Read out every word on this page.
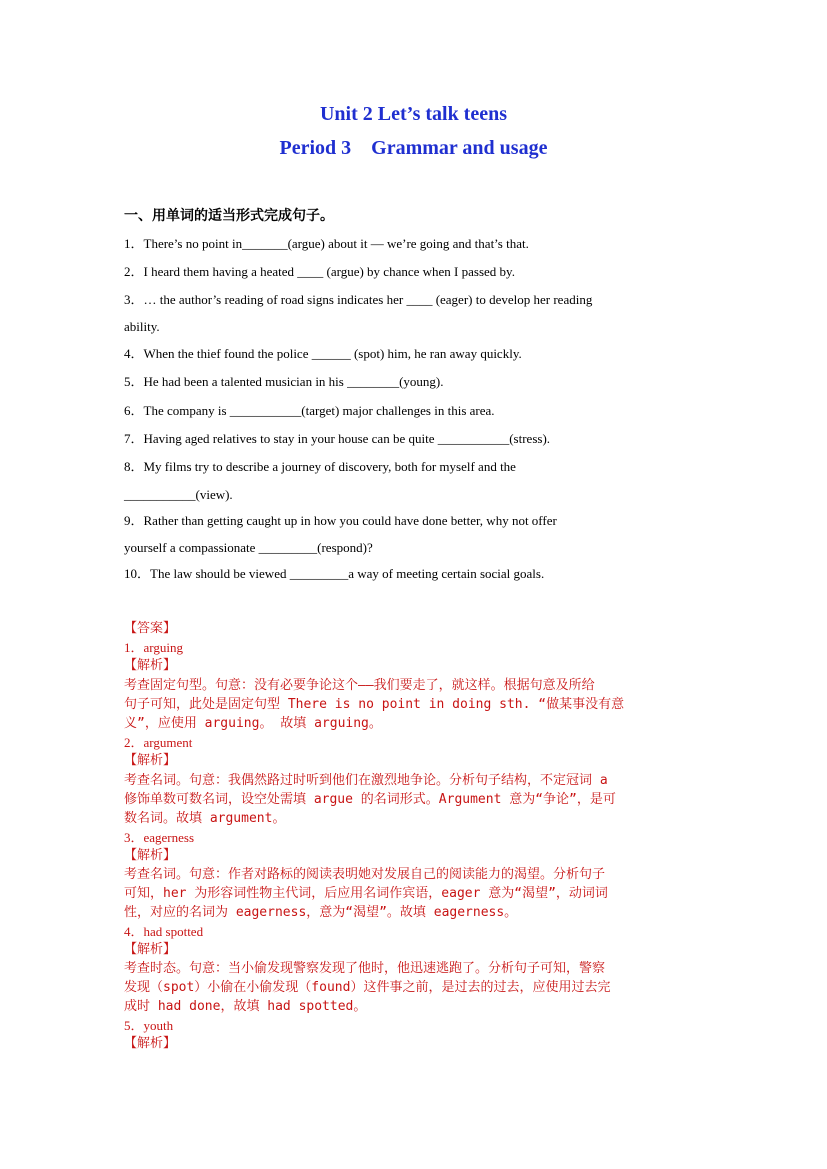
Unit 2 Let’s talk teens
Period 3　Grammar and usage
一、用单词的适当形式完成句子。
1．There’s no point in_______(argue) about it — we’re going and that’s that.
2．I heard them having a heated ____ (argue) by chance when I passed by.
3．… the author’s reading of road signs indicates her ____ (eager) to develop her reading
ability.
4．When the thief found the police ______ (spot) him, he ran away quickly.
5．He had been a talented musician in his ________(young).
6．The company is ___________(target) major challenges in this area.
7．Having aged relatives to stay in your house can be quite ___________(stress).
8．My films try to describe a journey of discovery, both for myself and the
___________(view).
9．Rather than getting caught up in how you could have done better, why not offer
yourself a compassionate _________(respond)?
10．The law should be viewed _________a way of meeting certain social goals.
【答案】
1．arguing
【解析】
考查固定句型。句意：没有必要争论这个——我们要走了，就这样。根据句意及所给
句子可知，此处是固定句型 There is no point in doing sth. “做某事没有意
义”，应使用 arguing。 故填 arguing。
2．argument
【解析】
考查名词。句意：我偶然路过时听到他们在激烈地争论。分析句子结构，不定冠词 a
修饰单数可数名词，设空处需填 argue 的名词形式。Argument 意为“争论”，是可
数名词。故填 argument。
3．eagerness
【解析】
考查名词。句意：作者对路标的阅读表明她对发展自己的阅读能力的渴望。分析句子
可知，her 为形容词性物主代词，后应用名词作宾语，eager 意为“渴望”，动词词
性，对应的名词为 eagerness，意为“渴望”。故填 eagerness。
4．had spotted
【解析】
考查时态。句意：当小偷发现警察发现了他时，他迅速逃跑了。分析句子可知，警察
发现（spot）小偷在小偷发现（found）这件事之前，是过去的过去，应使用过去完
成时 had done，故填 had spotted。
5．youth
【解析】
